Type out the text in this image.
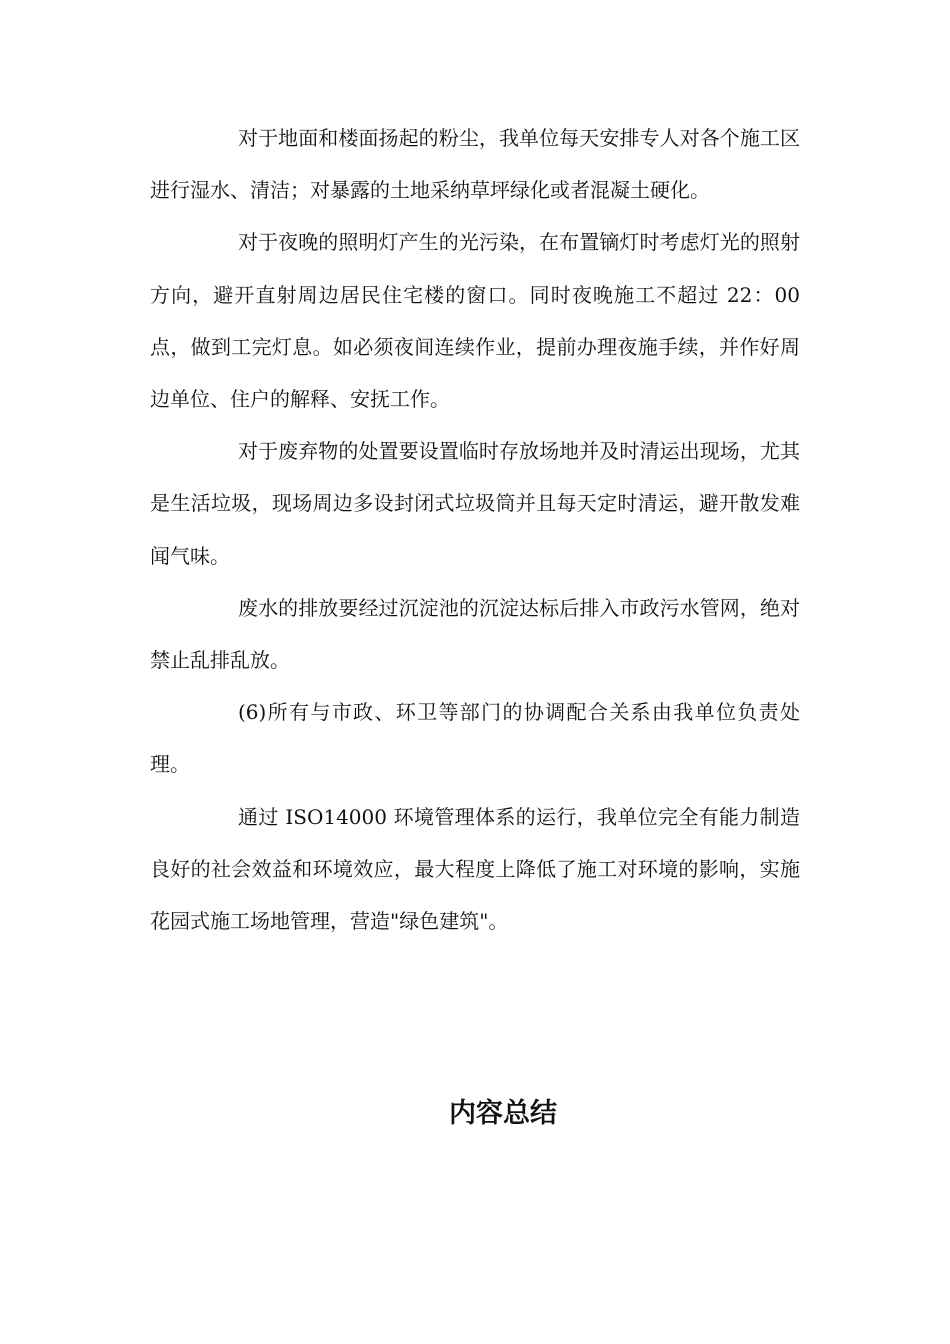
对于地面和楼面扬起的粉尘，我单位每天安排专人对各个施工区进行湿水、清洁；对暴露的土地采纳草坪绿化或者混凝土硬化。

对于夜晚的照明灯产生的光污染，在布置镝灯时考虑灯光的照射方向，避开直射周边居民住宅楼的窗口。同时夜晚施工不超过 22：00 点，做到工完灯息。如必须夜间连续作业，提前办理夜施手续，并作好周边单位、住户的解释、安抚工作。

对于废弃物的处置要设置临时存放场地并及时清运出现场，尤其是生活垃圾，现场周边多设封闭式垃圾筒并且每天定时清运，避开散发难闻气味。

废水的排放要经过沉淀池的沉淀达标后排入市政污水管网，绝对禁止乱排乱放。

(6)所有与市政、环卫等部门的协调配合关系由我单位负责处理。

通过 ISO14000 环境管理体系的运行，我单位完全有能力制造良好的社会效益和环境效应，最大程度上降低了施工对环境的影响，实施花园式施工场地管理，营造"绿色建筑"。

内容总结
